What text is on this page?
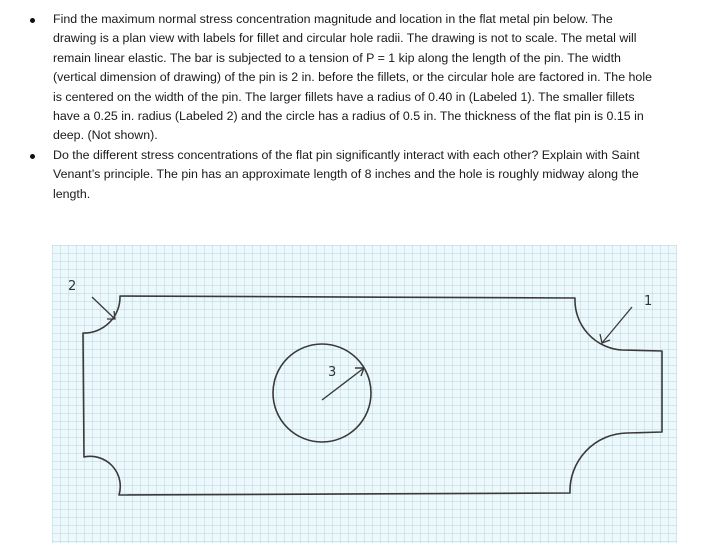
Find the maximum normal stress concentration magnitude and location in the flat metal pin below. The drawing is a plan view with labels for fillet and circular hole radii. The drawing is not to scale. The metal will remain linear elastic. The bar is subjected to a tension of P = 1 kip along the length of the pin. The width (vertical dimension of drawing) of the pin is 2 in. before the fillets, or the circular hole are factored in. The hole is centered on the width of the pin. The larger fillets have a radius of 0.40 in (Labeled 1). The smaller fillets have a 0.25 in. radius (Labeled 2) and the circle has a radius of 0.5 in. The thickness of the flat pin is 0.15 in deep. (Not shown).

Do the different stress concentrations of the flat pin significantly interact with each other? Explain with Saint Venant’s principle. The pin has an approximate length of 8 inches and the hole is roughly midway along the length.

2
1
3
